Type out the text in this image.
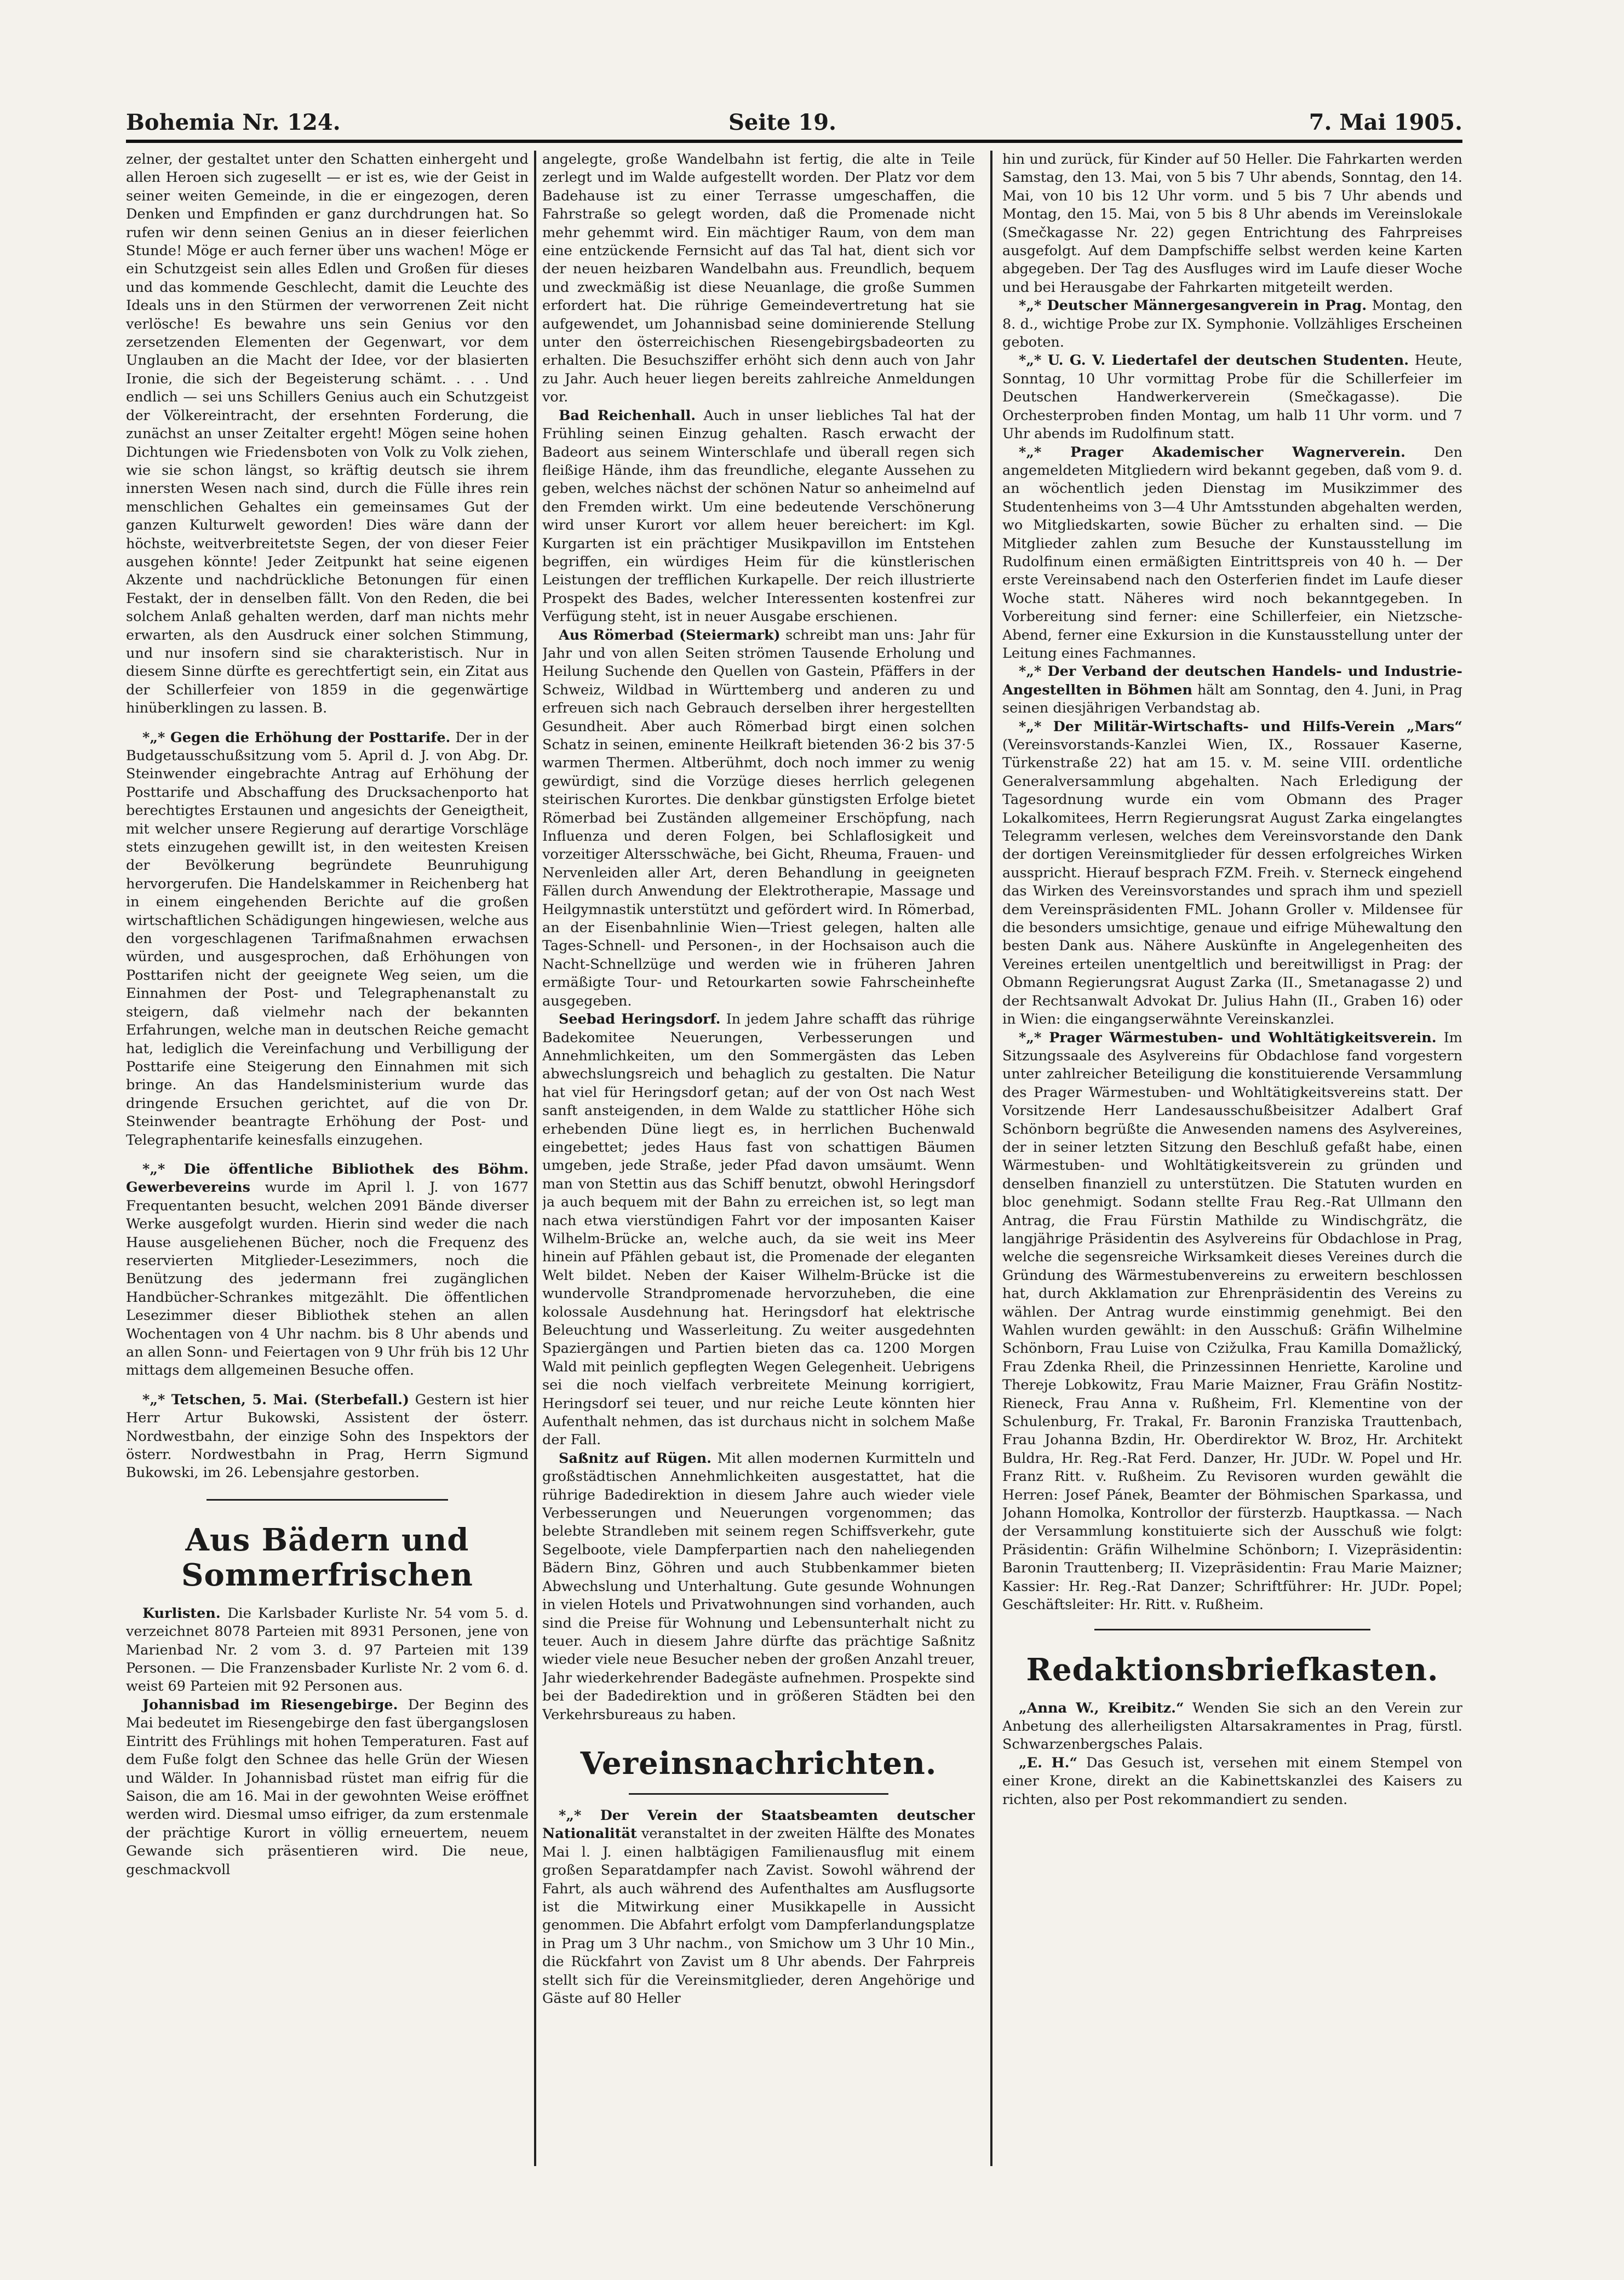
Bohemia Nr. 124.	Seite 19.	7. Mai 1905.

zelner, der gestaltet unter den Schatten einhergeht und allen Heroen sich zugesellt — er ist es, wie der Geist in seiner weiten Gemeinde, in die er eingezogen, deren Denken und Empfinden er ganz durchdrungen hat. So rufen wir denn seinen Genius an in dieser feierlichen Stunde! Möge er auch ferner über uns wachen! Möge er ein Schutzgeist sein alles Edlen und Großen für dieses und das kommende Geschlecht, damit die Leuchte des Ideals uns in den Stürmen der verworrenen Zeit nicht verlösche! Es bewahre uns sein Genius vor den zersetzenden Elementen der Gegenwart, vor dem Unglauben an die Macht der Idee, vor der blasierten Ironie, die sich der Begeisterung schämt. . . . Und endlich — sei uns Schillers Genius auch ein Schutzgeist der Völkereintracht, der ersehnten Forderung, die zunächst an unser Zeitalter ergeht! Mögen seine hohen Dichtungen wie Friedensboten von Volk zu Volk ziehen, wie sie schon längst, so kräftig deutsch sie ihrem innersten Wesen nach sind, durch die Fülle ihres rein menschlichen Gehaltes ein gemeinsames Gut der ganzen Kulturwelt geworden! Dies wäre dann der höchste, weitverbreitetste Segen, der von dieser Feier ausgehen könnte! Jeder Zeitpunkt hat seine eigenen Akzente und nachdrückliche Betonungen für einen Festakt, der in denselben fällt. Von den Reden, die bei solchem Anlaß gehalten werden, darf man nichts mehr erwarten, als den Ausdruck einer solchen Stimmung, und nur insofern sind sie charakteristisch. Nur in diesem Sinne dürfte es gerechtfertigt sein, ein Zitat aus der Schillerfeier von 1859 in die gegenwärtige hinüberklingen zu lassen. B.

*„* Gegen die Erhöhung der Posttarife. Der in der Budgetausschußsitzung vom 5. April d. J. von Abg. Dr. Steinwender eingebrachte Antrag auf Erhöhung der Posttarife und Abschaffung des Drucksachenporto hat berechtigtes Erstaunen und angesichts der Geneigtheit, mit welcher unsere Regierung auf derartige Vorschläge stets einzugehen gewillt ist, in den weitesten Kreisen der Bevölkerung begründete Beunruhigung hervorgerufen. Die Handelskammer in Reichenberg hat in einem eingehenden Berichte auf die großen wirtschaftlichen Schädigungen hingewiesen, welche aus den vorgeschlagenen Tarifmaßnahmen erwachsen würden, und ausgesprochen, daß Erhöhungen von Posttarifen nicht der geeignete Weg seien, um die Einnahmen der Post- und Telegraphenanstalt zu steigern, daß vielmehr nach der bekannten Erfahrungen, welche man in deutschen Reiche gemacht hat, lediglich die Vereinfachung und Verbilligung der Posttarife eine Steigerung den Einnahmen mit sich bringe. An das Handelsministerium wurde das dringende Ersuchen gerichtet, auf die von Dr. Steinwender beantragte Erhöhung der Post- und Telegraphentarife keinesfalls einzugehen.

*„* Die öffentliche Bibliothek des Böhm. Gewerbevereins wurde im April l. J. von 1677 Frequentanten besucht, welchen 2091 Bände diverser Werke ausgefolgt wurden. Hierin sind weder die nach Hause ausgeliehenen Bücher, noch die Frequenz des reservierten Mitglieder-Lesezimmers, noch die Benützung des jedermann frei zugänglichen Handbücher-Schrankes mitgezählt. Die öffentlichen Lesezimmer dieser Bibliothek stehen an allen Wochentagen von 4 Uhr nachm. bis 8 Uhr abends und an allen Sonn- und Feiertagen von 9 Uhr früh bis 12 Uhr mittags dem allgemeinen Besuche offen.

*„* Tetschen, 5. Mai. (Sterbefall.) Gestern ist hier Herr Artur Bukowski, Assistent der österr. Nordwestbahn, der einzige Sohn des Inspektors der österr. Nordwestbahn in Prag, Herrn Sigmund Bukowski, im 26. Lebensjahre gestorben.

Aus Bädern und Sommerfrischen

Kurlisten. Die Karlsbader Kurliste Nr. 54 vom 5. d. verzeichnet 8078 Parteien mit 8931 Personen, jene von Marienbad Nr. 2 vom 3. d. 97 Parteien mit 139 Personen. — Die Franzensbader Kurliste Nr. 2 vom 6. d. weist 69 Parteien mit 92 Personen aus.

Johannisbad im Riesengebirge. Der Beginn des Mai bedeutet im Riesengebirge den fast übergangslosen Eintritt des Frühlings mit hohen Temperaturen. Fast auf dem Fuße folgt den Schnee das helle Grün der Wiesen und Wälder. In Johannisbad rüstet man eifrig für die Saison, die am 16. Mai in der gewohnten Weise eröffnet werden wird. Diesmal umso eifriger, da zum erstenmale der prächtige Kurort in völlig erneuertem, neuem Gewande sich präsentieren wird. Die neue, geschmackvoll

angelegte, große Wandelbahn ist fertig, die alte in Teile zerlegt und im Walde aufgestellt worden. Der Platz vor dem Badehause ist zu einer Terrasse umgeschaffen, die Fahrstraße so gelegt worden, daß die Promenade nicht mehr gehemmt wird. Ein mächtiger Raum, von dem man eine entzückende Fernsicht auf das Tal hat, dient sich vor der neuen heizbaren Wandelbahn aus. Freundlich, bequem und zweckmäßig ist diese Neuanlage, die große Summen erfordert hat. Die rührige Gemeindevertretung hat sie aufgewendet, um Johannisbad seine dominierende Stellung unter den österreichischen Riesengebirgsbadeorten zu erhalten. Die Besuchsziffer erhöht sich denn auch von Jahr zu Jahr. Auch heuer liegen bereits zahlreiche Anmeldungen vor.

Bad Reichenhall. Auch in unser liebliches Tal hat der Frühling seinen Einzug gehalten. Rasch erwacht der Badeort aus seinem Winterschlafe und überall regen sich fleißige Hände, ihm das freundliche, elegante Aussehen zu geben, welches nächst der schönen Natur so anheimelnd auf den Fremden wirkt. Um eine bedeutende Verschönerung wird unser Kurort vor allem heuer bereichert: im Kgl. Kurgarten ist ein prächtiger Musikpavillon im Entstehen begriffen, ein würdiges Heim für die künstlerischen Leistungen der trefflichen Kurkapelle. Der reich illustrierte Prospekt des Bades, welcher Interessenten kostenfrei zur Verfügung steht, ist in neuer Ausgabe erschienen.

Aus Römerbad (Steiermark) schreibt man uns: Jahr für Jahr und von allen Seiten strömen Tausende Erholung und Heilung Suchende den Quellen von Gastein, Pfäffers in der Schweiz, Wildbad in Württemberg und anderen zu und erfreuen sich nach Gebrauch derselben ihrer hergestellten Gesundheit. Aber auch Römerbad birgt einen solchen Schatz in seinen, eminente Heilkraft bietenden 36·2 bis 37·5 warmen Thermen. Altberühmt, doch noch immer zu wenig gewürdigt, sind die Vorzüge dieses herrlich gelegenen steirischen Kurortes. Die denkbar günstigsten Erfolge bietet Römerbad bei Zuständen allgemeiner Erschöpfung, nach Influenza und deren Folgen, bei Schlaflosigkeit und vorzeitiger Altersschwäche, bei Gicht, Rheuma, Frauen- und Nervenleiden aller Art, deren Behandlung in geeigneten Fällen durch Anwendung der Elektrotherapie, Massage und Heilgymnastik unterstützt und gefördert wird. In Römerbad, an der Eisenbahnlinie Wien—Triest gelegen, halten alle Tages-Schnell- und Personen-, in der Hochsaison auch die Nacht-Schnellzüge und werden wie in früheren Jahren ermäßigte Tour- und Retourkarten sowie Fahrscheinhefte ausgegeben.

Seebad Heringsdorf. In jedem Jahre schafft das rührige Badekomitee Neuerungen, Verbesserungen und Annehmlichkeiten, um den Sommergästen das Leben abwechslungsreich und behaglich zu gestalten. Die Natur hat viel für Heringsdorf getan; auf der von Ost nach West sanft ansteigenden, in dem Walde zu stattlicher Höhe sich erhebenden Düne liegt es, in herrlichen Buchenwald eingebettet; jedes Haus fast von schattigen Bäumen umgeben, jede Straße, jeder Pfad davon umsäumt. Wenn man von Stettin aus das Schiff benutzt, obwohl Heringsdorf ja auch bequem mit der Bahn zu erreichen ist, so legt man nach etwa vierstündigen Fahrt vor der imposanten Kaiser Wilhelm-Brücke an, welche auch, da sie weit ins Meer hinein auf Pfählen gebaut ist, die Promenade der eleganten Welt bildet. Neben der Kaiser Wilhelm-Brücke ist die wundervolle Strandpromenade hervorzuheben, die eine kolossale Ausdehnung hat. Heringsdorf hat elektrische Beleuchtung und Wasserleitung. Zu weiter ausgedehnten Spaziergängen und Partien bieten das ca. 1200 Morgen Wald mit peinlich gepflegten Wegen Gelegenheit. Uebrigens sei die noch vielfach verbreitete Meinung korrigiert, Heringsdorf sei teuer, und nur reiche Leute könnten hier Aufenthalt nehmen, das ist durchaus nicht in solchem Maße der Fall.

Saßnitz auf Rügen. Mit allen modernen Kurmitteln und großstädtischen Annehmlichkeiten ausgestattet, hat die rührige Badedirektion in diesem Jahre auch wieder viele Verbesserungen und Neuerungen vorgenommen; das belebte Strandleben mit seinem regen Schiffsverkehr, gute Segelboote, viele Dampferpartien nach den naheliegenden Bädern Binz, Göhren und auch Stubbenkammer bieten Abwechslung und Unterhaltung. Gute gesunde Wohnungen in vielen Hotels und Privatwohnungen sind vorhanden, auch sind die Preise für Wohnung und Lebensunterhalt nicht zu teuer. Auch in diesem Jahre dürfte das prächtige Saßnitz wieder viele neue Besucher neben der großen Anzahl treuer, Jahr wiederkehrender Badegäste aufnehmen. Prospekte sind bei der Badedirektion und in größeren Städten bei den Verkehrsbureaus zu haben.

Vereinsnachrichten.

*„* Der Verein der Staatsbeamten deutscher Nationalität veranstaltet in der zweiten Hälfte des Monates Mai l. J. einen halbtägigen Familienausflug mit einem großen Separatdampfer nach Zavist. Sowohl während der Fahrt, als auch während des Aufenthaltes am Ausflugsorte ist die Mitwirkung einer Musikkapelle in Aussicht genommen. Die Abfahrt erfolgt vom Dampferlandungsplatze in Prag um 3 Uhr nachm., von Smichow um 3 Uhr 10 Min., die Rückfahrt von Zavist um 8 Uhr abends. Der Fahrpreis stellt sich für die Vereinsmitglieder, deren Angehörige und Gäste auf 80 Heller

hin und zurück, für Kinder auf 50 Heller. Die Fahrkarten werden Samstag, den 13. Mai, von 5 bis 7 Uhr abends, Sonntag, den 14. Mai, von 10 bis 12 Uhr vorm. und 5 bis 7 Uhr abends und Montag, den 15. Mai, von 5 bis 8 Uhr abends im Vereinslokale (Smečkagasse Nr. 22) gegen Entrichtung des Fahrpreises ausgefolgt. Auf dem Dampfschiffe selbst werden keine Karten abgegeben. Der Tag des Ausfluges wird im Laufe dieser Woche und bei Herausgabe der Fahrkarten mitgeteilt werden.

*„* Deutscher Männergesangverein in Prag. Montag, den 8. d., wichtige Probe zur IX. Symphonie. Vollzähliges Erscheinen geboten.

*„* U. G. V. Liedertafel der deutschen Studenten. Heute, Sonntag, 10 Uhr vormittag Probe für die Schillerfeier im Deutschen Handwerkerverein (Smečkagasse). Die Orchesterproben finden Montag, um halb 11 Uhr vorm. und 7 Uhr abends im Rudolfinum statt.

*„* Prager Akademischer Wagnerverein. Den angemeldeten Mitgliedern wird bekannt gegeben, daß vom 9. d. an wöchentlich jeden Dienstag im Musikzimmer des Studentenheims von 3—4 Uhr Amtsstunden abgehalten werden, wo Mitgliedskarten, sowie Bücher zu erhalten sind. — Die Mitglieder zahlen zum Besuche der Kunstausstellung im Rudolfinum einen ermäßigten Eintrittspreis von 40 h. — Der erste Vereinsabend nach den Osterferien findet im Laufe dieser Woche statt. Näheres wird noch bekanntgegeben. In Vorbereitung sind ferner: eine Schillerfeier, ein Nietzsche-Abend, ferner eine Exkursion in die Kunstausstellung unter der Leitung eines Fachmannes.

*„* Der Verband der deutschen Handels- und Industrie-Angestellten in Böhmen hält am Sonntag, den 4. Juni, in Prag seinen diesjährigen Verbandstag ab.

*„* Der Militär-Wirtschafts- und Hilfs-Verein „Mars“ (Vereinsvorstands-Kanzlei Wien, IX., Rossauer Kaserne, Türkenstraße 22) hat am 15. v. M. seine VIII. ordentliche Generalversammlung abgehalten. Nach Erledigung der Tagesordnung wurde ein vom Obmann des Prager Lokalkomitees, Herrn Regierungsrat August Zarka eingelangtes Telegramm verlesen, welches dem Vereinsvorstande den Dank der dortigen Vereinsmitglieder für dessen erfolgreiches Wirken ausspricht. Hierauf besprach FZM. Freih. v. Sterneck eingehend das Wirken des Vereinsvorstandes und sprach ihm und speziell dem Vereinspräsidenten FML. Johann Groller v. Mildensee für die besonders umsichtige, genaue und eifrige Mühewaltung den besten Dank aus. Nähere Auskünfte in Angelegenheiten des Vereines erteilen unentgeltlich und bereitwilligst in Prag: der Obmann Regierungsrat August Zarka (II., Smetanagasse 2) und der Rechtsanwalt Advokat Dr. Julius Hahn (II., Graben 16) oder in Wien: die eingangserwähnte Vereinskanzlei.

*„* Prager Wärmestuben- und Wohltätigkeitsverein. Im Sitzungssaale des Asylvereins für Obdachlose fand vorgestern unter zahlreicher Beteiligung die konstituierende Versammlung des Prager Wärmestuben- und Wohltätigkeitsvereins statt. Der Vorsitzende Herr Landesausschußbeisitzer Adalbert Graf Schönborn begrüßte die Anwesenden namens des Asylvereines, der in seiner letzten Sitzung den Beschluß gefaßt habe, einen Wärmestuben- und Wohltätigkeitsverein zu gründen und denselben finanziell zu unterstützen. Die Statuten wurden en bloc genehmigt. Sodann stellte Frau Reg.-Rat Ullmann den Antrag, die Frau Fürstin Mathilde zu Windischgrätz, die langjährige Präsidentin des Asylvereins für Obdachlose in Prag, welche die segensreiche Wirksamkeit dieses Vereines durch die Gründung des Wärmestubenvereins zu erweitern beschlossen hat, durch Akklamation zur Ehrenpräsidentin des Vereins zu wählen. Der Antrag wurde einstimmig genehmigt. Bei den Wahlen wurden gewählt: in den Ausschuß: Gräfin Wilhelmine Schönborn, Frau Luise von Czižulka, Frau Kamilla Domažlický, Frau Zdenka Rheil, die Prinzessinnen Henriette, Karoline und Thereje Lobkowitz, Frau Marie Maizner, Frau Gräfin Nostitz-Rieneck, Frau Anna v. Rußheim, Frl. Klementine von der Schulenburg, Fr. Trakal, Fr. Baronin Franziska Trauttenbach, Frau Johanna Bzdin, Hr. Oberdirektor W. Broz, Hr. Architekt Buldra, Hr. Reg.-Rat Ferd. Danzer, Hr. JUDr. W. Popel und Hr. Franz Ritt. v. Rußheim. Zu Revisoren wurden gewählt die Herren: Josef Pánek, Beamter der Böhmischen Sparkassa, und Johann Homolka, Kontrollor der fürsterzb. Hauptkassa. — Nach der Versammlung konstituierte sich der Ausschuß wie folgt: Präsidentin: Gräfin Wilhelmine Schönborn; I. Vizepräsidentin: Baronin Trauttenberg; II. Vizepräsidentin: Frau Marie Maizner; Kassier: Hr. Reg.-Rat Danzer; Schriftführer: Hr. JUDr. Popel; Geschäftsleiter: Hr. Ritt. v. Rußheim.

Redaktionsbriefkasten.

„Anna W., Kreibitz.“ Wenden Sie sich an den Verein zur Anbetung des allerheiligsten Altarsakramentes in Prag, fürstl. Schwarzenbergsches Palais.

„E. H.“ Das Gesuch ist, versehen mit einem Stempel von einer Krone, direkt an die Kabinettskanzlei des Kaisers zu richten, also per Post rekommandiert zu senden.
